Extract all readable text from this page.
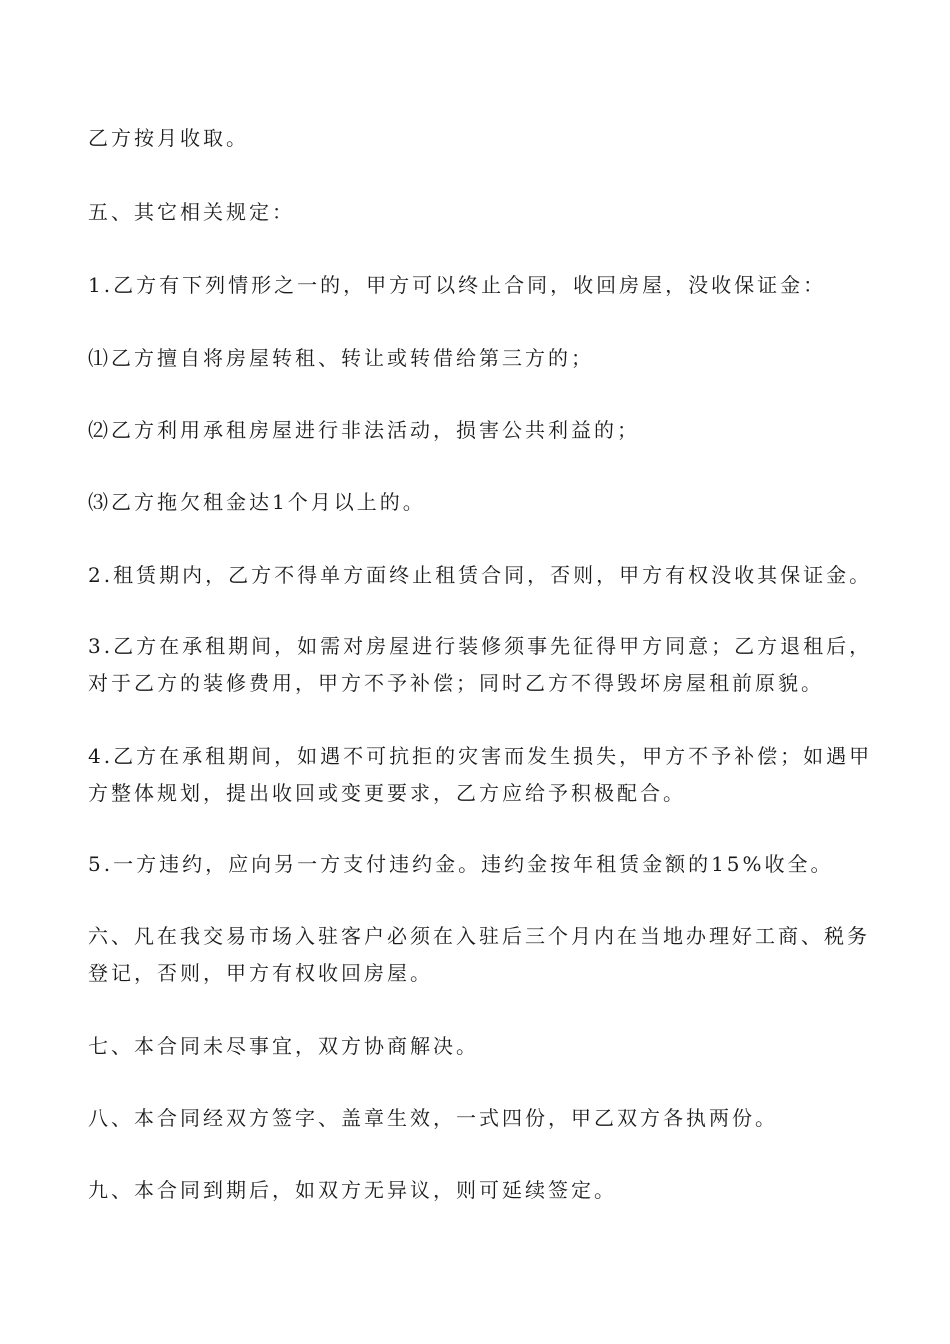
乙方按月收取。

五、其它相关规定：

1.乙方有下列情形之一的，甲方可以终止合同，收回房屋，没收保证金：

⑴乙方擅自将房屋转租、转让或转借给第三方的；

⑵乙方利用承租房屋进行非法活动，损害公共利益的；

⑶乙方拖欠租金达1个月以上的。

2.租赁期内，乙方不得单方面终止租赁合同，否则，甲方有权没收其保证金。

3.乙方在承租期间，如需对房屋进行装修须事先征得甲方同意；乙方退租后，
对于乙方的装修费用，甲方不予补偿；同时乙方不得毁坏房屋租前原貌。

4.乙方在承租期间，如遇不可抗拒的灾害而发生损失，甲方不予补偿；如遇甲
方整体规划，提出收回或变更要求，乙方应给予积极配合。

5.一方违约，应向另一方支付违约金。违约金按年租赁金额的15%收全。

六、凡在我交易市场入驻客户必须在入驻后三个月内在当地办理好工商、税务
登记，否则，甲方有权收回房屋。

七、本合同未尽事宜，双方协商解决。

八、本合同经双方签字、盖章生效，一式四份，甲乙双方各执两份。

九、本合同到期后，如双方无异议，则可延续签定。
